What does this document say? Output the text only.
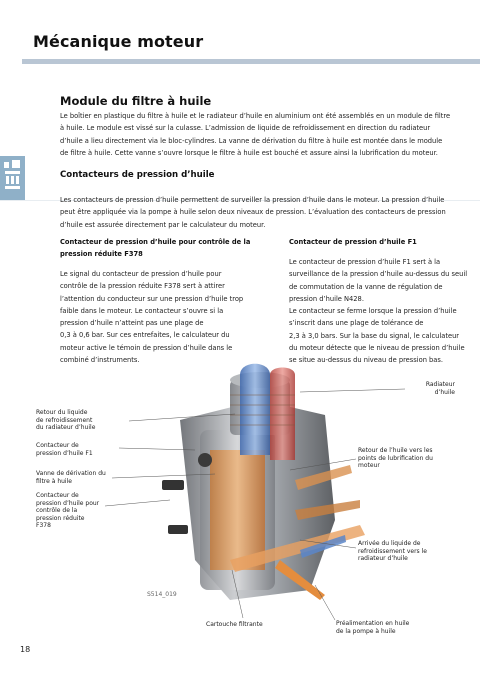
Mécanique moteur
Module du filtre à huile
Le boîtier en plastique du filtre à huile et le radiateur d’huile en aluminium ont été assemblés en un module de filtre
à huile. Le module est vissé sur la culasse. L’admission de liquide de refroidissement en direction du radiateur
d’huile a lieu directement via le bloc-cylindres. La vanne de dérivation du filtre à huile est montée dans le module
de filtre à huile. Cette vanne s’ouvre lorsque le filtre à huile est bouché et assure ainsi la lubrification du moteur.
Contacteurs de pression d’huile
Les contacteurs de pression d’huile permettent de surveiller la pression d’huile dans le moteur. La pression d’huile
peut être appliquée via la pompe à huile selon deux niveaux de pression. L’évaluation des contacteurs de pression
d’huile est assurée directement par le calculateur du moteur.
Contacteur de pression d’huile pour contrôle de la
pression réduite F378
Le signal du contacteur de pression d’huile pour
contrôle de la pression réduite F378 sert à attirer
l’attention du conducteur sur une pression d’huile trop
faible dans le moteur. Le contacteur s’ouvre si la
pression d’huile n’atteint pas une plage de
0,3 à 0,6 bar. Sur ces entrefaites, le calculateur du
moteur active le témoin de pression d’huile dans le
combiné d’instruments.
Contacteur de pression d’huile F1
Le contacteur de pression d’huile F1 sert à la
surveillance de la pression d’huile au-dessus du seuil
de commutation de la vanne de régulation de
pression d’huile N428.
Le contacteur se ferme lorsque la pression d’huile
s’inscrit dans une plage de tolérance de
2,3 à 3,0 bars. Sur la base du signal, le calculateur
du moteur détecte que le niveau de pression d’huile
se situe au-dessus du niveau de pression bas.
S514_019
Radiateur
d’huile
Retour du liquide
de refroidissement
du radiateur d’huile
Contacteur de
pression d’huile F1
Vanne de dérivation du
filtre à huile
Contacteur de
pression d’huile pour
contrôle de la
pression réduite
F378
Retour de l’huile vers les
points de lubrification du
moteur
Arrivée du liquide de
refroidissement vers le
radiateur d’huile
Cartouche filtrante	Préalimentation en huile
de la pompe à huile
18
